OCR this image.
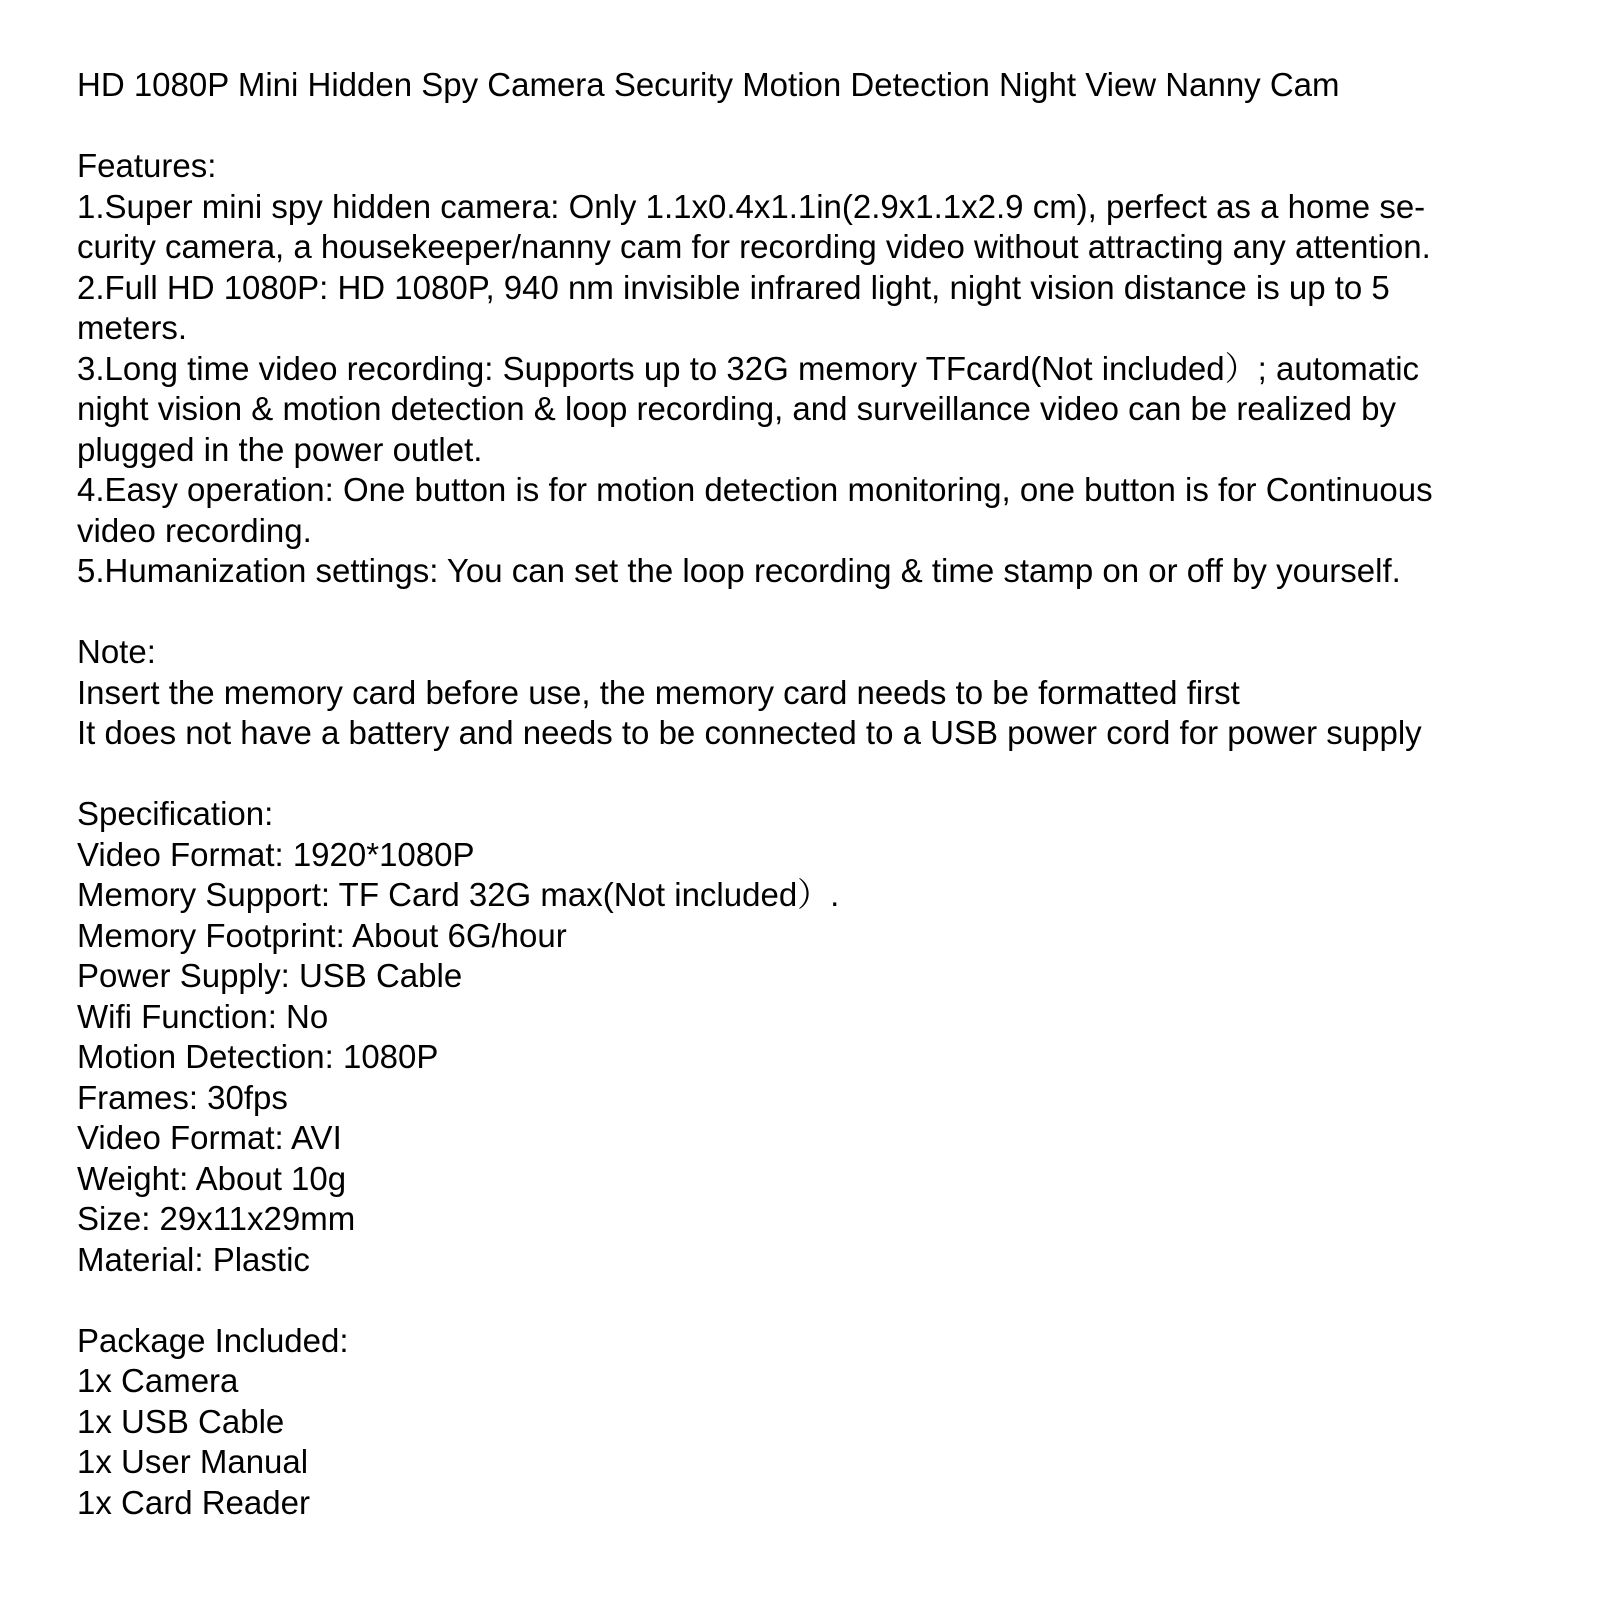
HD 1080P Mini Hidden Spy Camera Security Motion Detection Night View Nanny Cam
Features:
1.Super mini spy hidden camera: Only 1.1x0.4x1.1in(2.9x1.1x2.9 cm), perfect as a home se-
curity camera, a housekeeper/nanny cam for recording video without attracting any attention.
2.Full HD 1080P: HD 1080P, 940 nm invisible infrared light, night vision distance is up to 5
meters.
3.Long time video recording: Supports up to 32G memory TFcard(Not included）; automatic
night vision & motion detection & loop recording, and surveillance video can be realized by
plugged in the power outlet.
4.Easy operation: One button is for motion detection monitoring, one button is for Continuous
video recording.
5.Humanization settings: You can set the loop recording & time stamp on or off by yourself.
Note:
Insert the memory card before use, the memory card needs to be formatted first
It does not have a battery and needs to be connected to a USB power cord for power supply
Specification:
Video Format: 1920*1080P
Memory Support: TF Card 32G max(Not included）.
Memory Footprint: About 6G/hour
Power Supply: USB Cable
Wifi Function: No
Motion Detection: 1080P
Frames: 30fps
Video Format: AVI
Weight: About 10g
Size: 29x11x29mm
Material: Plastic
Package Included:
1x Camera
1x USB Cable
1x User Manual
1x Card Reader
